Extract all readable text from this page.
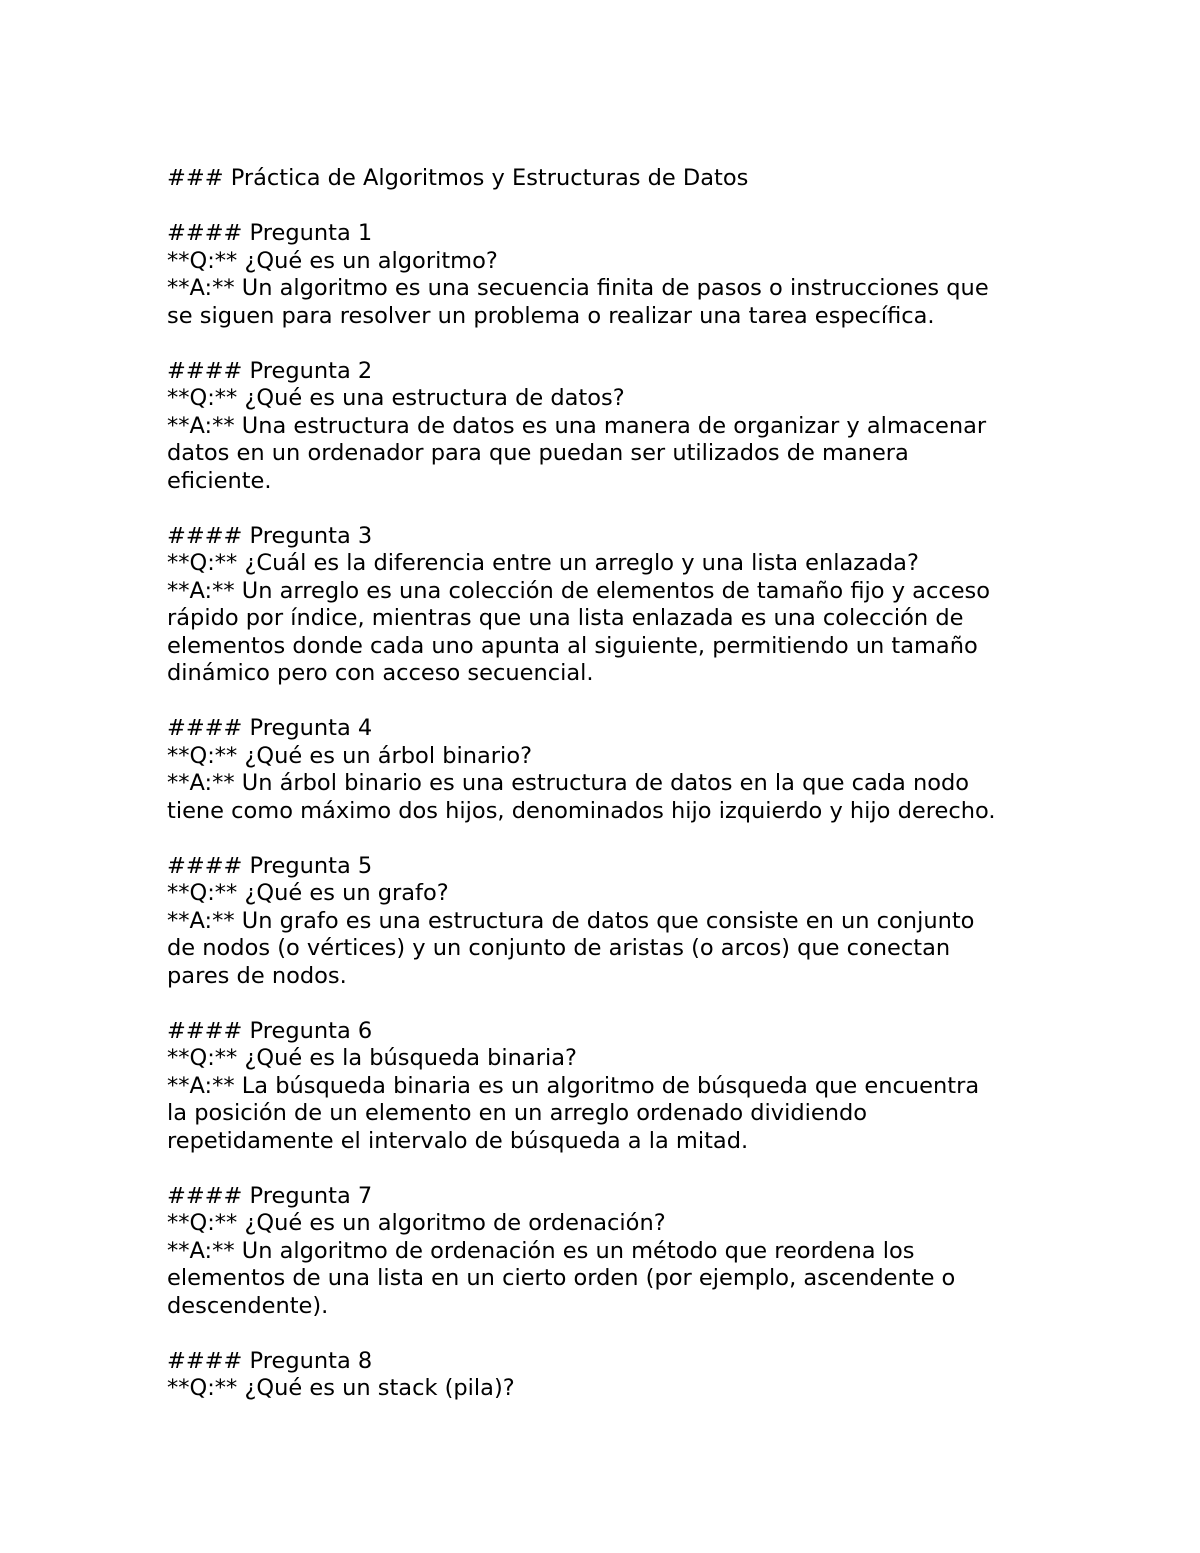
### Práctica de Algoritmos y Estructuras de Datos
#### Pregunta 1
**Q:** ¿Qué es un algoritmo?
**A:** Un algoritmo es una secuencia finita de pasos o instrucciones que
se siguen para resolver un problema o realizar una tarea específica.
#### Pregunta 2
**Q:** ¿Qué es una estructura de datos?
**A:** Una estructura de datos es una manera de organizar y almacenar
datos en un ordenador para que puedan ser utilizados de manera
eficiente.
#### Pregunta 3
**Q:** ¿Cuál es la diferencia entre un arreglo y una lista enlazada?
**A:** Un arreglo es una colección de elementos de tamaño fijo y acceso
rápido por índice, mientras que una lista enlazada es una colección de
elementos donde cada uno apunta al siguiente, permitiendo un tamaño
dinámico pero con acceso secuencial.
#### Pregunta 4
**Q:** ¿Qué es un árbol binario?
**A:** Un árbol binario es una estructura de datos en la que cada nodo
tiene como máximo dos hijos, denominados hijo izquierdo y hijo derecho.
#### Pregunta 5
**Q:** ¿Qué es un grafo?
**A:** Un grafo es una estructura de datos que consiste en un conjunto
de nodos (o vértices) y un conjunto de aristas (o arcos) que conectan
pares de nodos.
#### Pregunta 6
**Q:** ¿Qué es la búsqueda binaria?
**A:** La búsqueda binaria es un algoritmo de búsqueda que encuentra
la posición de un elemento en un arreglo ordenado dividiendo
repetidamente el intervalo de búsqueda a la mitad.
#### Pregunta 7
**Q:** ¿Qué es un algoritmo de ordenación?
**A:** Un algoritmo de ordenación es un método que reordena los
elementos de una lista en un cierto orden (por ejemplo, ascendente o
descendente).
#### Pregunta 8
**Q:** ¿Qué es un stack (pila)?
